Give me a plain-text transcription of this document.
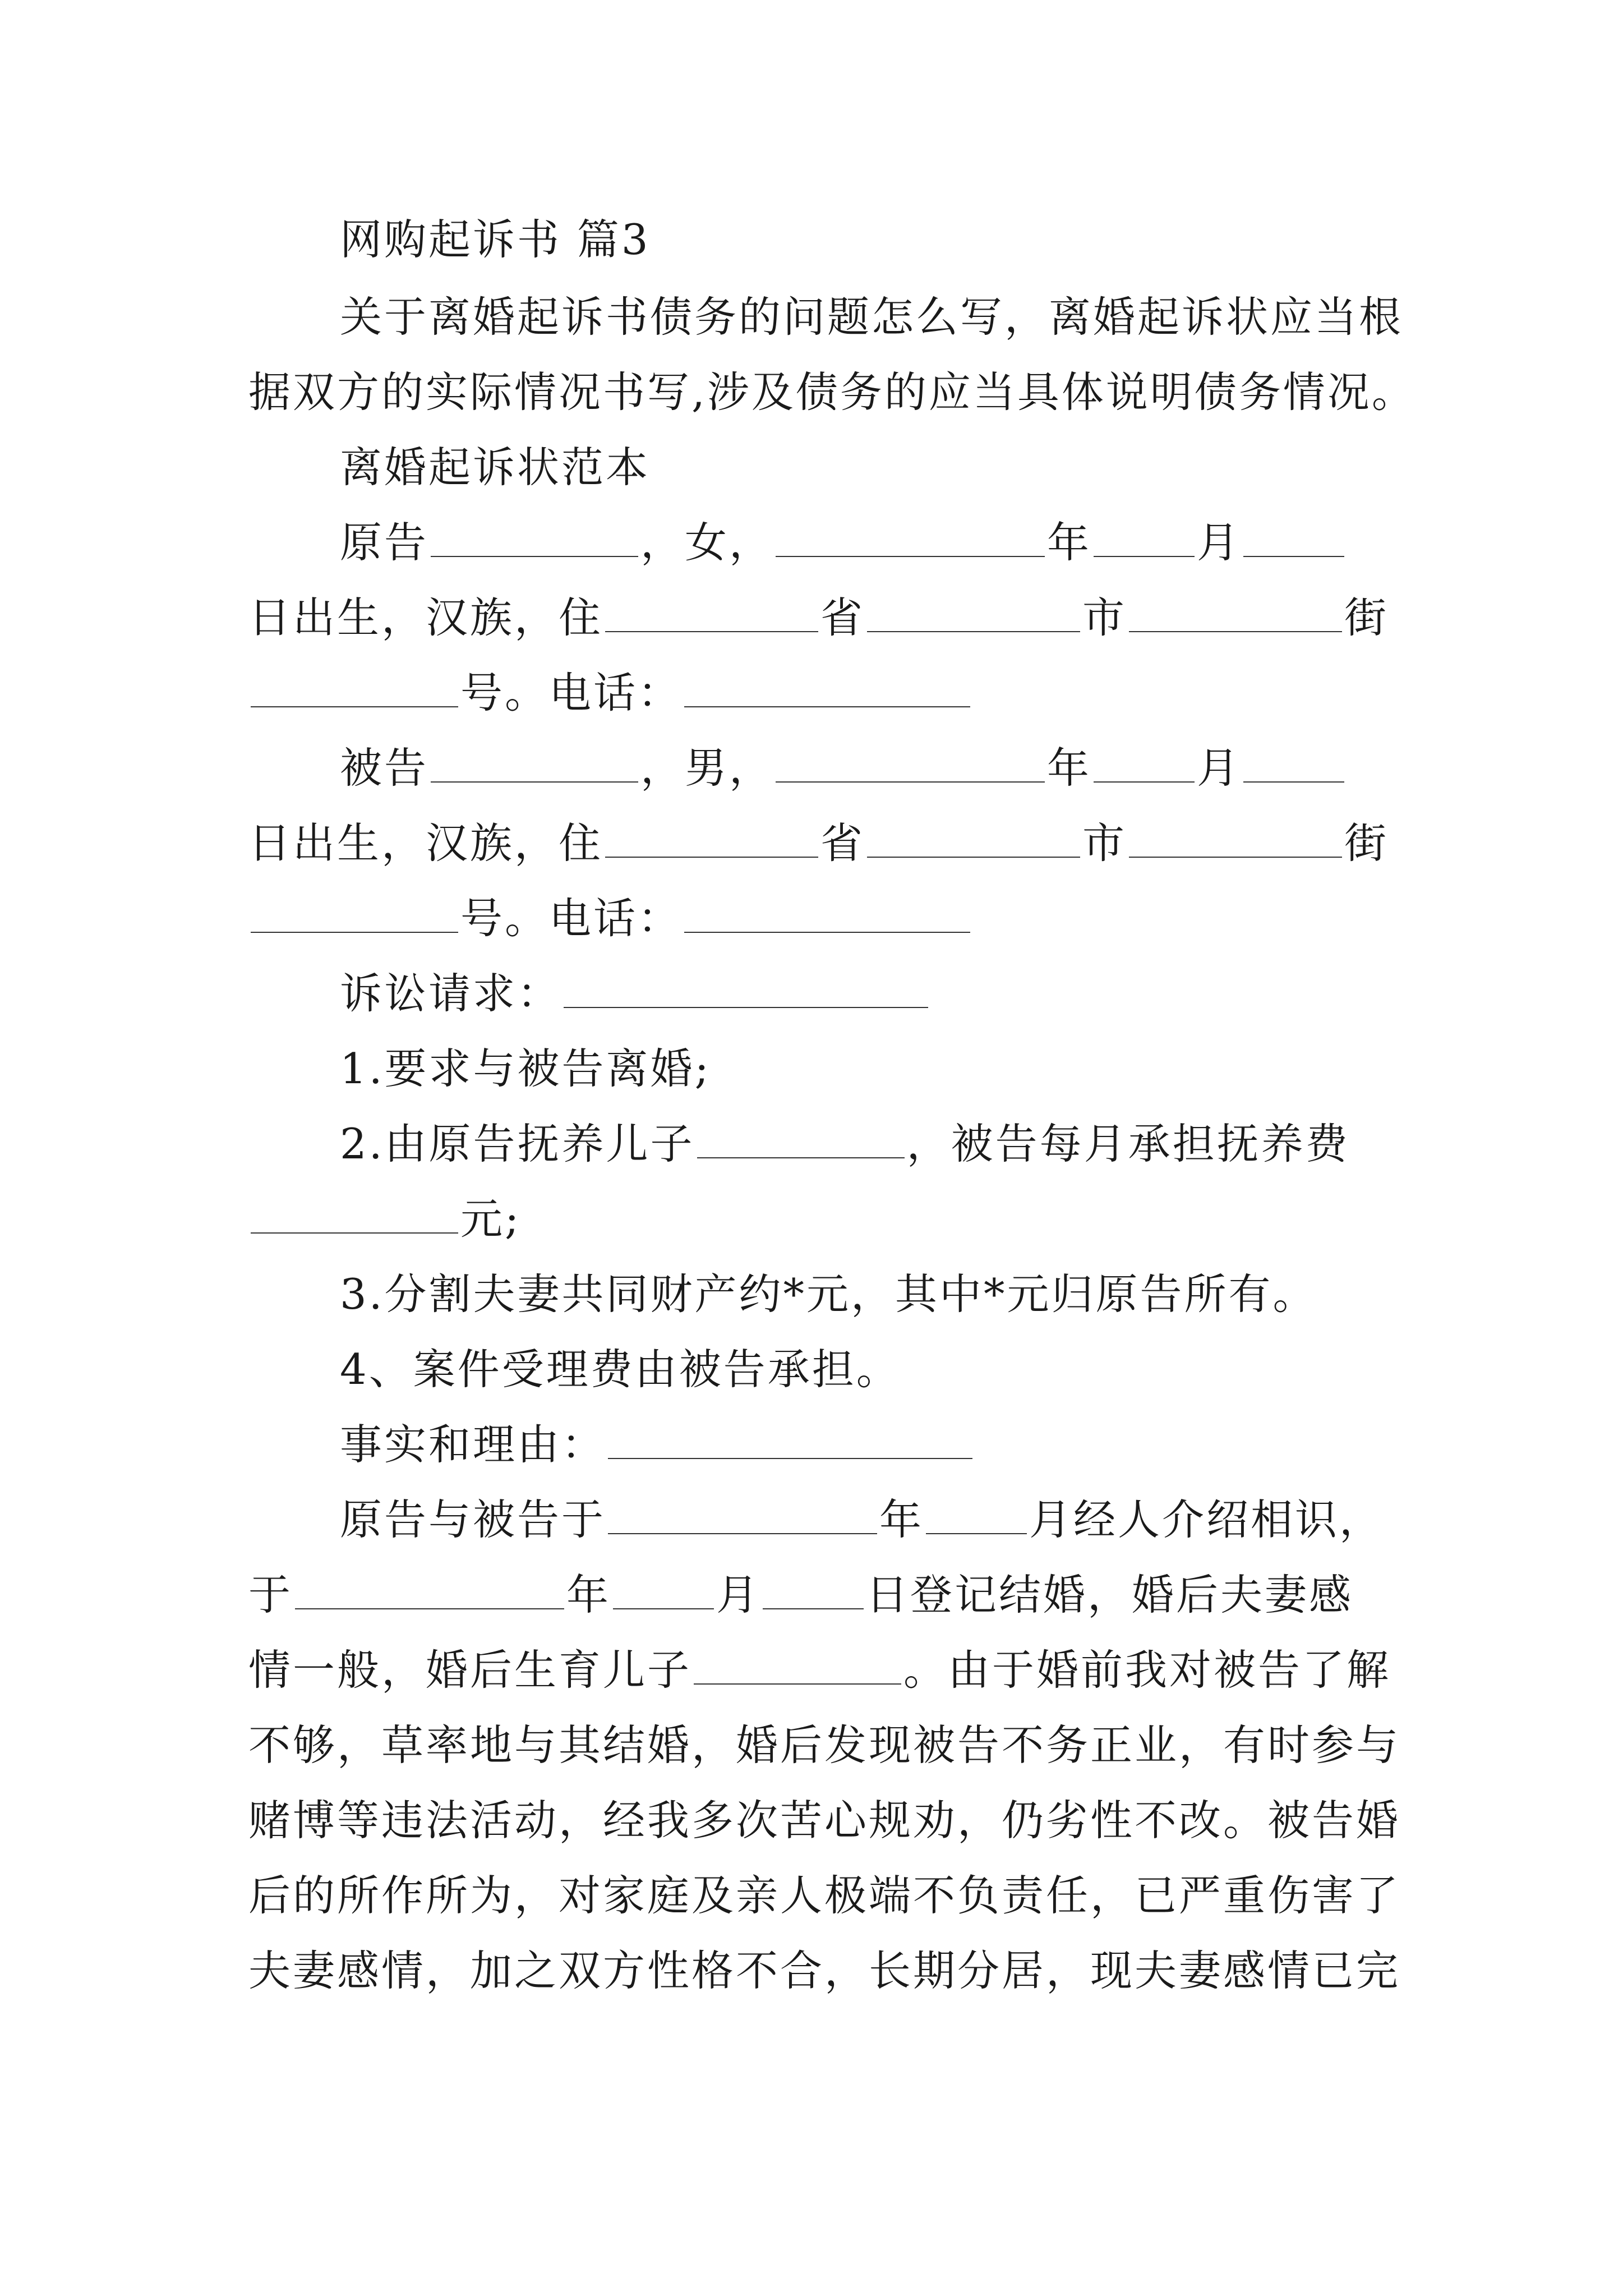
网购起诉书 篇3

关于离婚起诉书债务的问题怎么写，离婚起诉状应当根

据双方的实际情况书写,涉及债务的应当具体说明债务情况。

离婚起诉状范本

原告	，女，	年	月

日出生，汉族，住	省	市	街

号。电话：

被告	，男，	年	月

日出生，汉族，住	省	市	街

号。电话：

诉讼请求：

1.要求与被告离婚;

2.由原告抚养儿子	，被告每月承担抚养费

元;

3.分割夫妻共同财产约*元，其中*元归原告所有。

4、案件受理费由被告承担。

事实和理由：

原告与被告于	年	月经人介绍相识，

于	年	月	日登记结婚，婚后夫妻感

情一般，婚后生育儿子	。由于婚前我对被告了解

不够，草率地与其结婚，婚后发现被告不务正业，有时参与

赌博等违法活动，经我多次苦心规劝，仍劣性不改。被告婚

后的所作所为，对家庭及亲人极端不负责任，已严重伤害了

夫妻感情，加之双方性格不合，长期分居，现夫妻感情已完
